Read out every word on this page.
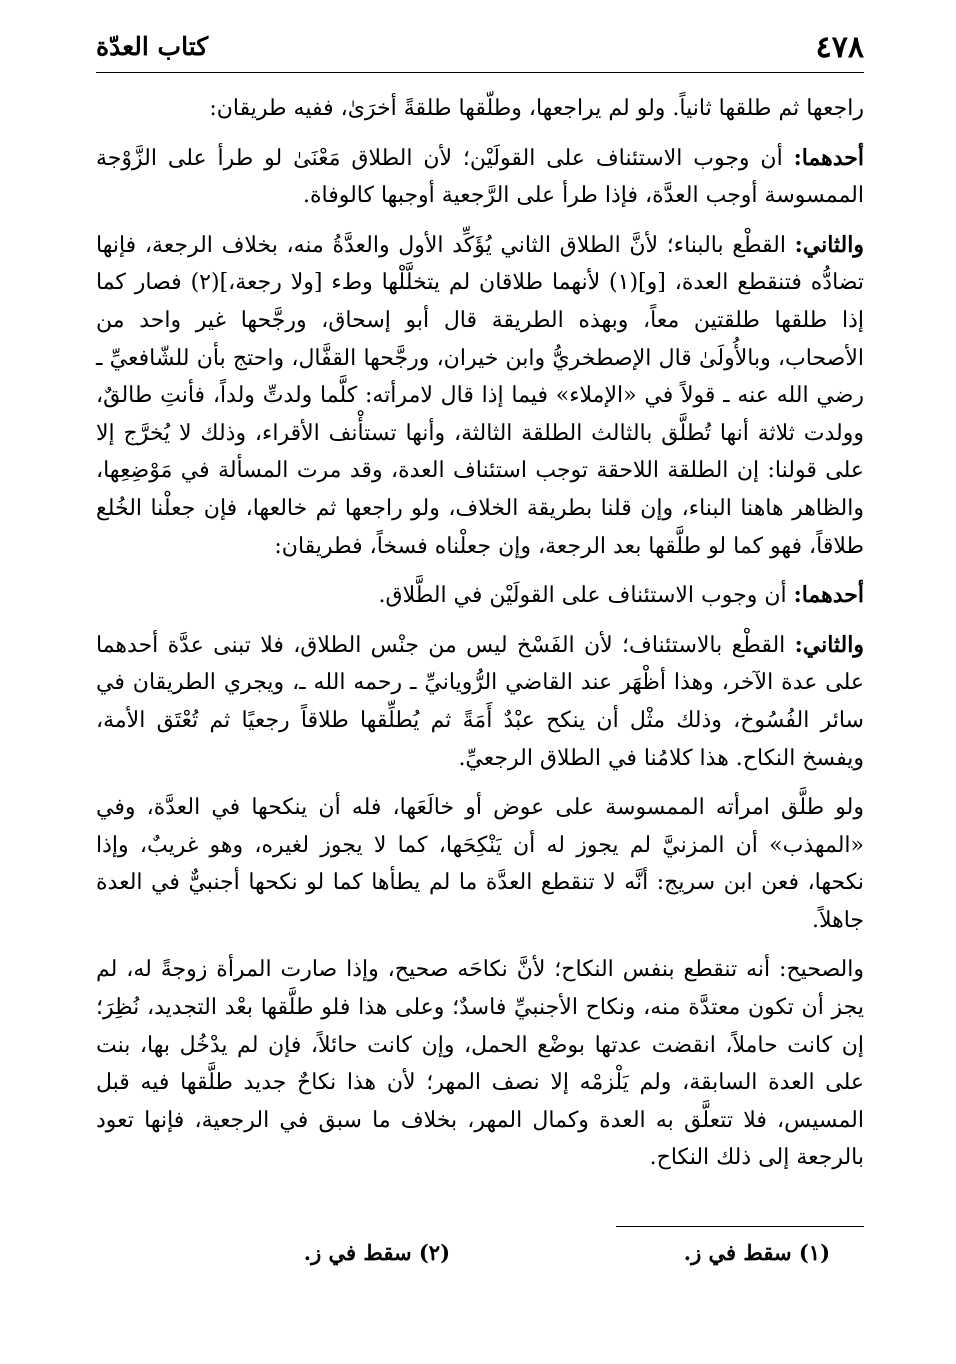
٤٧٨
كتاب العدّة

راجعها ثم طلقها ثانياً. ولو لم يراجعها، وطلّقها طلقةً أخرَىٰ، ففيه طريقان:

أحدهما: أن وجوب الاستئناف على القولَيْن؛ لأن الطلاق مَعْنَىٰ لو طرأ على الزَّوْجة الممسوسة أوجب العدَّة، فإذا طرأ على الرَّجعية أوجبها كالوفاة.

والثاني: القطْع بالبناء؛ لأنَّ الطلاق الثاني يُؤَكِّد الأول والعدَّةُ منه، بخلاف الرجعة، فإنها تضادُّه فتنقطع العدة، [و](١) لأنهما طلاقان لم يتخلَّلْها وطء [ولا رجعة،](٢) فصار كما إذا طلقها طلقتين معاً، وبهذه الطريقة قال أبو إسحاق، ورجَّحها غير واحد من الأصحاب، وبالأُولَىٰ قال الإصطخريُّ وابن خيران، ورجَّحها القفَّال، واحتج بأن للشّافعيِّ ـ رضي الله عنه ـ قولاً في «الإملاء» فيما إذا قال لامرأته: كلَّما ولدتِّ ولداً، فأنتِ طالقٌ، وولدت ثلاثة أنها تُطلَّق بالثالث الطلقة الثالثة، وأنها تستأْنف الأقراء، وذلك لا يُخرَّج إلا على قولنا: إن الطلقة اللاحقة توجب استئناف العدة، وقد مرت المسألة في مَوْضِعِها، والظاهر هاهنا البناء، وإن قلنا بطريقة الخلاف، ولو راجعها ثم خالعها، فإن جعلْنا الخُلع طلاقاً، فهو كما لو طلَّقها بعد الرجعة، وإن جعلْناه فسخاً، فطريقان:

أحدهما: أن وجوب الاستئناف على القولَيْن في الطَّلاق.

والثاني: القطْع بالاستئناف؛ لأن الفَسْخ ليس من جنْس الطلاق، فلا تبنى عدَّة أحدهما على عدة الآخر، وهذا أظْهَر عند القاضي الرُّويانيِّ ـ رحمه الله ـ، ويجري الطريقان في سائر الفُسُوخ، وذلك مثْل أن ينكح عبْدٌ أَمَةً ثم يُطلِّقها طلاقاً رجعيًا ثم تُعْتَق الأمة، ويفسخ النكاح. هذا كلامُنا في الطلاق الرجعيِّ.

ولو طلَّق امرأته الممسوسة على عوض أو خالَعَها، فله أن ينكحها في العدَّة، وفي «المهذب» أن المزنيَّ لم يجوز له أن يَنْكِحَها، كما لا يجوز لغيره، وهو غريبٌ، وإذا نكحها، فعن ابن سريج: أنَّه لا تنقطع العدَّة ما لم يطأها كما لو نكحها أجنبيٌّ في العدة جاهلاً.

والصحيح: أنه تنقطع بنفس النكاح؛ لأنَّ نكاحَه صحيح، وإذا صارت المرأة زوجةً له، لم يجز أن تكون معتدَّة منه، ونكاح الأجنبيِّ فاسدٌ؛ وعلى هذا فلو طلَّقها بعْد التجديد، نُظِرَ؛ إن كانت حاملاً، انقضت عدتها بوضْع الحمل، وإن كانت حائلاً، فإن لم يدْخُل بها، بنت على العدة السابقة، ولم يَلْزمْه إلا نصف المهر؛ لأن هذا نكاحٌ جديد طلَّقها فيه قبل المسيس، فلا تتعلَّق به العدة وكمال المهر، بخلاف ما سبق في الرجعية، فإنها تعود بالرجعة إلى ذلك النكاح.

(١) سقط في ز.
(٢) سقط في ز.
